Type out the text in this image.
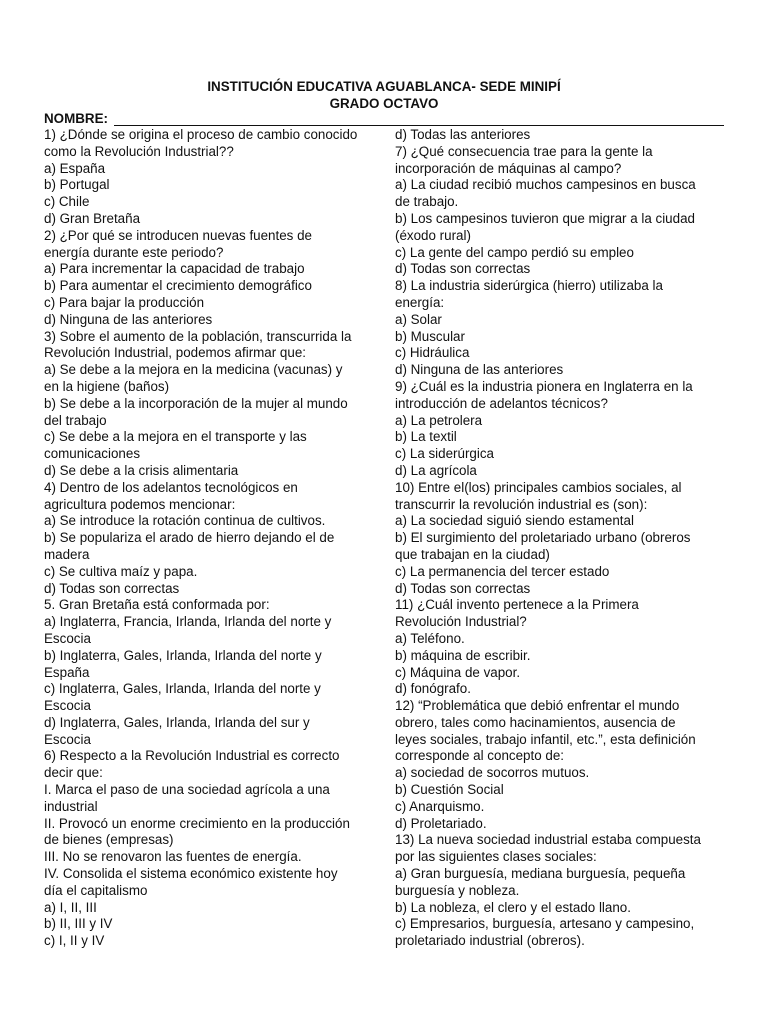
INSTITUCIÓN EDUCATIVA AGUABLANCA- SEDE MINIPÍ
GRADO OCTAVO
NOMBRE:
1) ¿Dónde se origina el proceso de cambio conocido
como la Revolución Industrial??
a) España
b) Portugal
c) Chile
d) Gran Bretaña
2) ¿Por qué se introducen nuevas fuentes de
energía durante este periodo?
a) Para incrementar la capacidad de trabajo
b) Para aumentar el crecimiento demográfico
c) Para bajar la producción
d) Ninguna de las anteriores
3) Sobre el aumento de la población, transcurrida la
Revolución Industrial, podemos afirmar que:
a) Se debe a la mejora en la medicina (vacunas) y
en la higiene (baños)
b) Se debe a la incorporación de la mujer al mundo
del trabajo
c) Se debe a la mejora en el transporte y las
comunicaciones
d) Se debe a la crisis alimentaria
4) Dentro de los adelantos tecnológicos en
agricultura podemos mencionar:
a) Se introduce la rotación continua de cultivos.
b) Se populariza el arado de hierro dejando el de
madera
c) Se cultiva maíz y papa.
d) Todas son correctas
5. Gran Bretaña está conformada por:
a) Inglaterra, Francia, Irlanda, Irlanda del norte y
Escocia
b) Inglaterra, Gales, Irlanda, Irlanda del norte y
España
c) Inglaterra, Gales, Irlanda, Irlanda del norte y
Escocia
d) Inglaterra, Gales, Irlanda, Irlanda del sur y
Escocia
6) Respecto a la Revolución Industrial es correcto
decir que:
I. Marca el paso de una sociedad agrícola a una
industrial
II. Provocó un enorme crecimiento en la producción
de bienes (empresas)
III. No se renovaron las fuentes de energía.
IV. Consolida el sistema económico existente hoy
día el capitalismo
a) I, II, III
b) II, III y IV
c) I, II y IV
d) Todas las anteriores
7) ¿Qué consecuencia trae para la gente la
incorporación de máquinas al campo?
a) La ciudad recibió muchos campesinos en busca
de trabajo.
b) Los campesinos tuvieron que migrar a la ciudad
(éxodo rural)
c) La gente del campo perdió su empleo
d) Todas son correctas
8) La industria siderúrgica (hierro) utilizaba la
energía:
a) Solar
b) Muscular
c) Hidráulica
d) Ninguna de las anteriores
9) ¿Cuál es la industria pionera en Inglaterra en la
introducción de adelantos técnicos?
a) La petrolera
b) La textil
c) La siderúrgica
d) La agrícola
10) Entre el(los) principales cambios sociales, al
transcurrir la revolución industrial es (son):
a) La sociedad siguió siendo estamental
b) El surgimiento del proletariado urbano (obreros
que trabajan en la ciudad)
c) La permanencia del tercer estado
d) Todas son correctas
11) ¿Cuál invento pertenece a la Primera
Revolución Industrial?
a) Teléfono.
b) máquina de escribir.
c) Máquina de vapor.
d) fonógrafo.
12) “Problemática que debió enfrentar el mundo
obrero, tales como hacinamientos, ausencia de
leyes sociales, trabajo infantil, etc.”, esta definición
corresponde al concepto de:
a) sociedad de socorros mutuos.
b) Cuestión Social
c) Anarquismo.
d) Proletariado.
13) La nueva sociedad industrial estaba compuesta
por las siguientes clases sociales:
a) Gran burguesía, mediana burguesía, pequeña
burguesía y nobleza.
b) La nobleza, el clero y el estado llano.
c) Empresarios, burguesía, artesano y campesino,
proletariado industrial (obreros).
